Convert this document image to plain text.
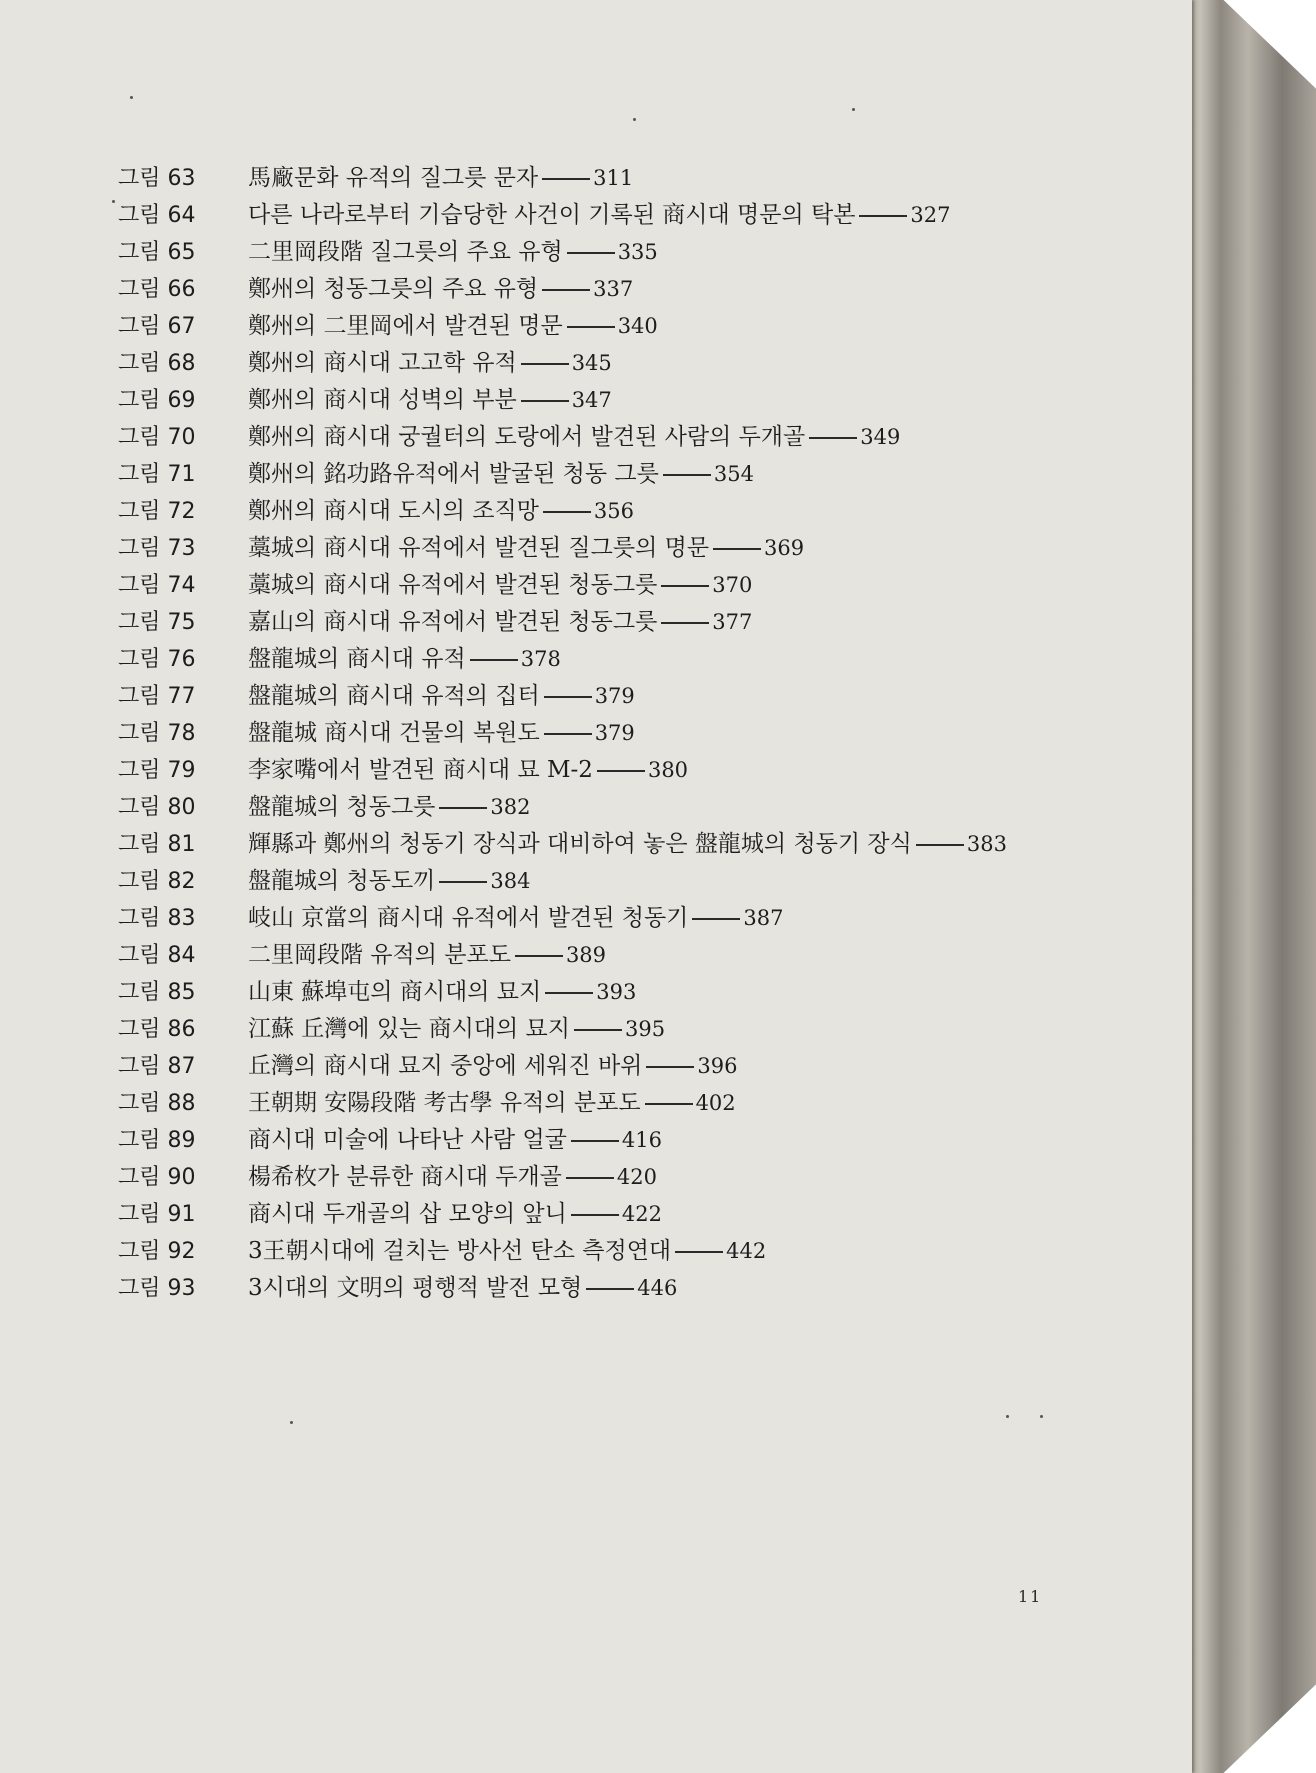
그림 63	馬廠문화 유적의 질그릇 문자	311
그림 64	다른 나라로부터 기습당한 사건이 기록된 商시대 명문의 탁본	327
그림 65	二里岡段階 질그릇의 주요 유형	335
그림 66	鄭州의 청동그릇의 주요 유형	337
그림 67	鄭州의 二里岡에서 발견된 명문	340
그림 68	鄭州의 商시대 고고학 유적	345
그림 69	鄭州의 商시대 성벽의 부분	347
그림 70	鄭州의 商시대 궁궐터의 도랑에서 발견된 사람의 두개골	349
그림 71	鄭州의 銘功路유적에서 발굴된 청동 그릇	354
그림 72	鄭州의 商시대 도시의 조직망	356
그림 73	藁城의 商시대 유적에서 발견된 질그릇의 명문	369
그림 74	藁城의 商시대 유적에서 발견된 청동그릇	370
그림 75	嘉山의 商시대 유적에서 발견된 청동그릇	377
그림 76	盤龍城의 商시대 유적	378
그림 77	盤龍城의 商시대 유적의 집터	379
그림 78	盤龍城 商시대 건물의 복원도	379
그림 79	李家嘴에서 발견된 商시대 묘 M-2	380
그림 80	盤龍城의 청동그릇	382
그림 81	輝縣과 鄭州의 청동기 장식과 대비하여 놓은 盤龍城의 청동기 장식	383
그림 82	盤龍城의 청동도끼	384
그림 83	岐山 京當의 商시대 유적에서 발견된 청동기	387
그림 84	二里岡段階 유적의 분포도	389
그림 85	山東 蘇埠屯의 商시대의 묘지	393
그림 86	江蘇 丘灣에 있는 商시대의 묘지	395
그림 87	丘灣의 商시대 묘지 중앙에 세워진 바위	396
그림 88	王朝期 安陽段階 考古學 유적의 분포도	402
그림 89	商시대 미술에 나타난 사람 얼굴	416
그림 90	楊希枚가 분류한 商시대 두개골	420
그림 91	商시대 두개골의 삽 모양의 앞니	422
그림 92	3王朝시대에 걸치는 방사선 탄소 측정연대	442
그림 93	3시대의 文明의 평행적 발전 모형	446
11
